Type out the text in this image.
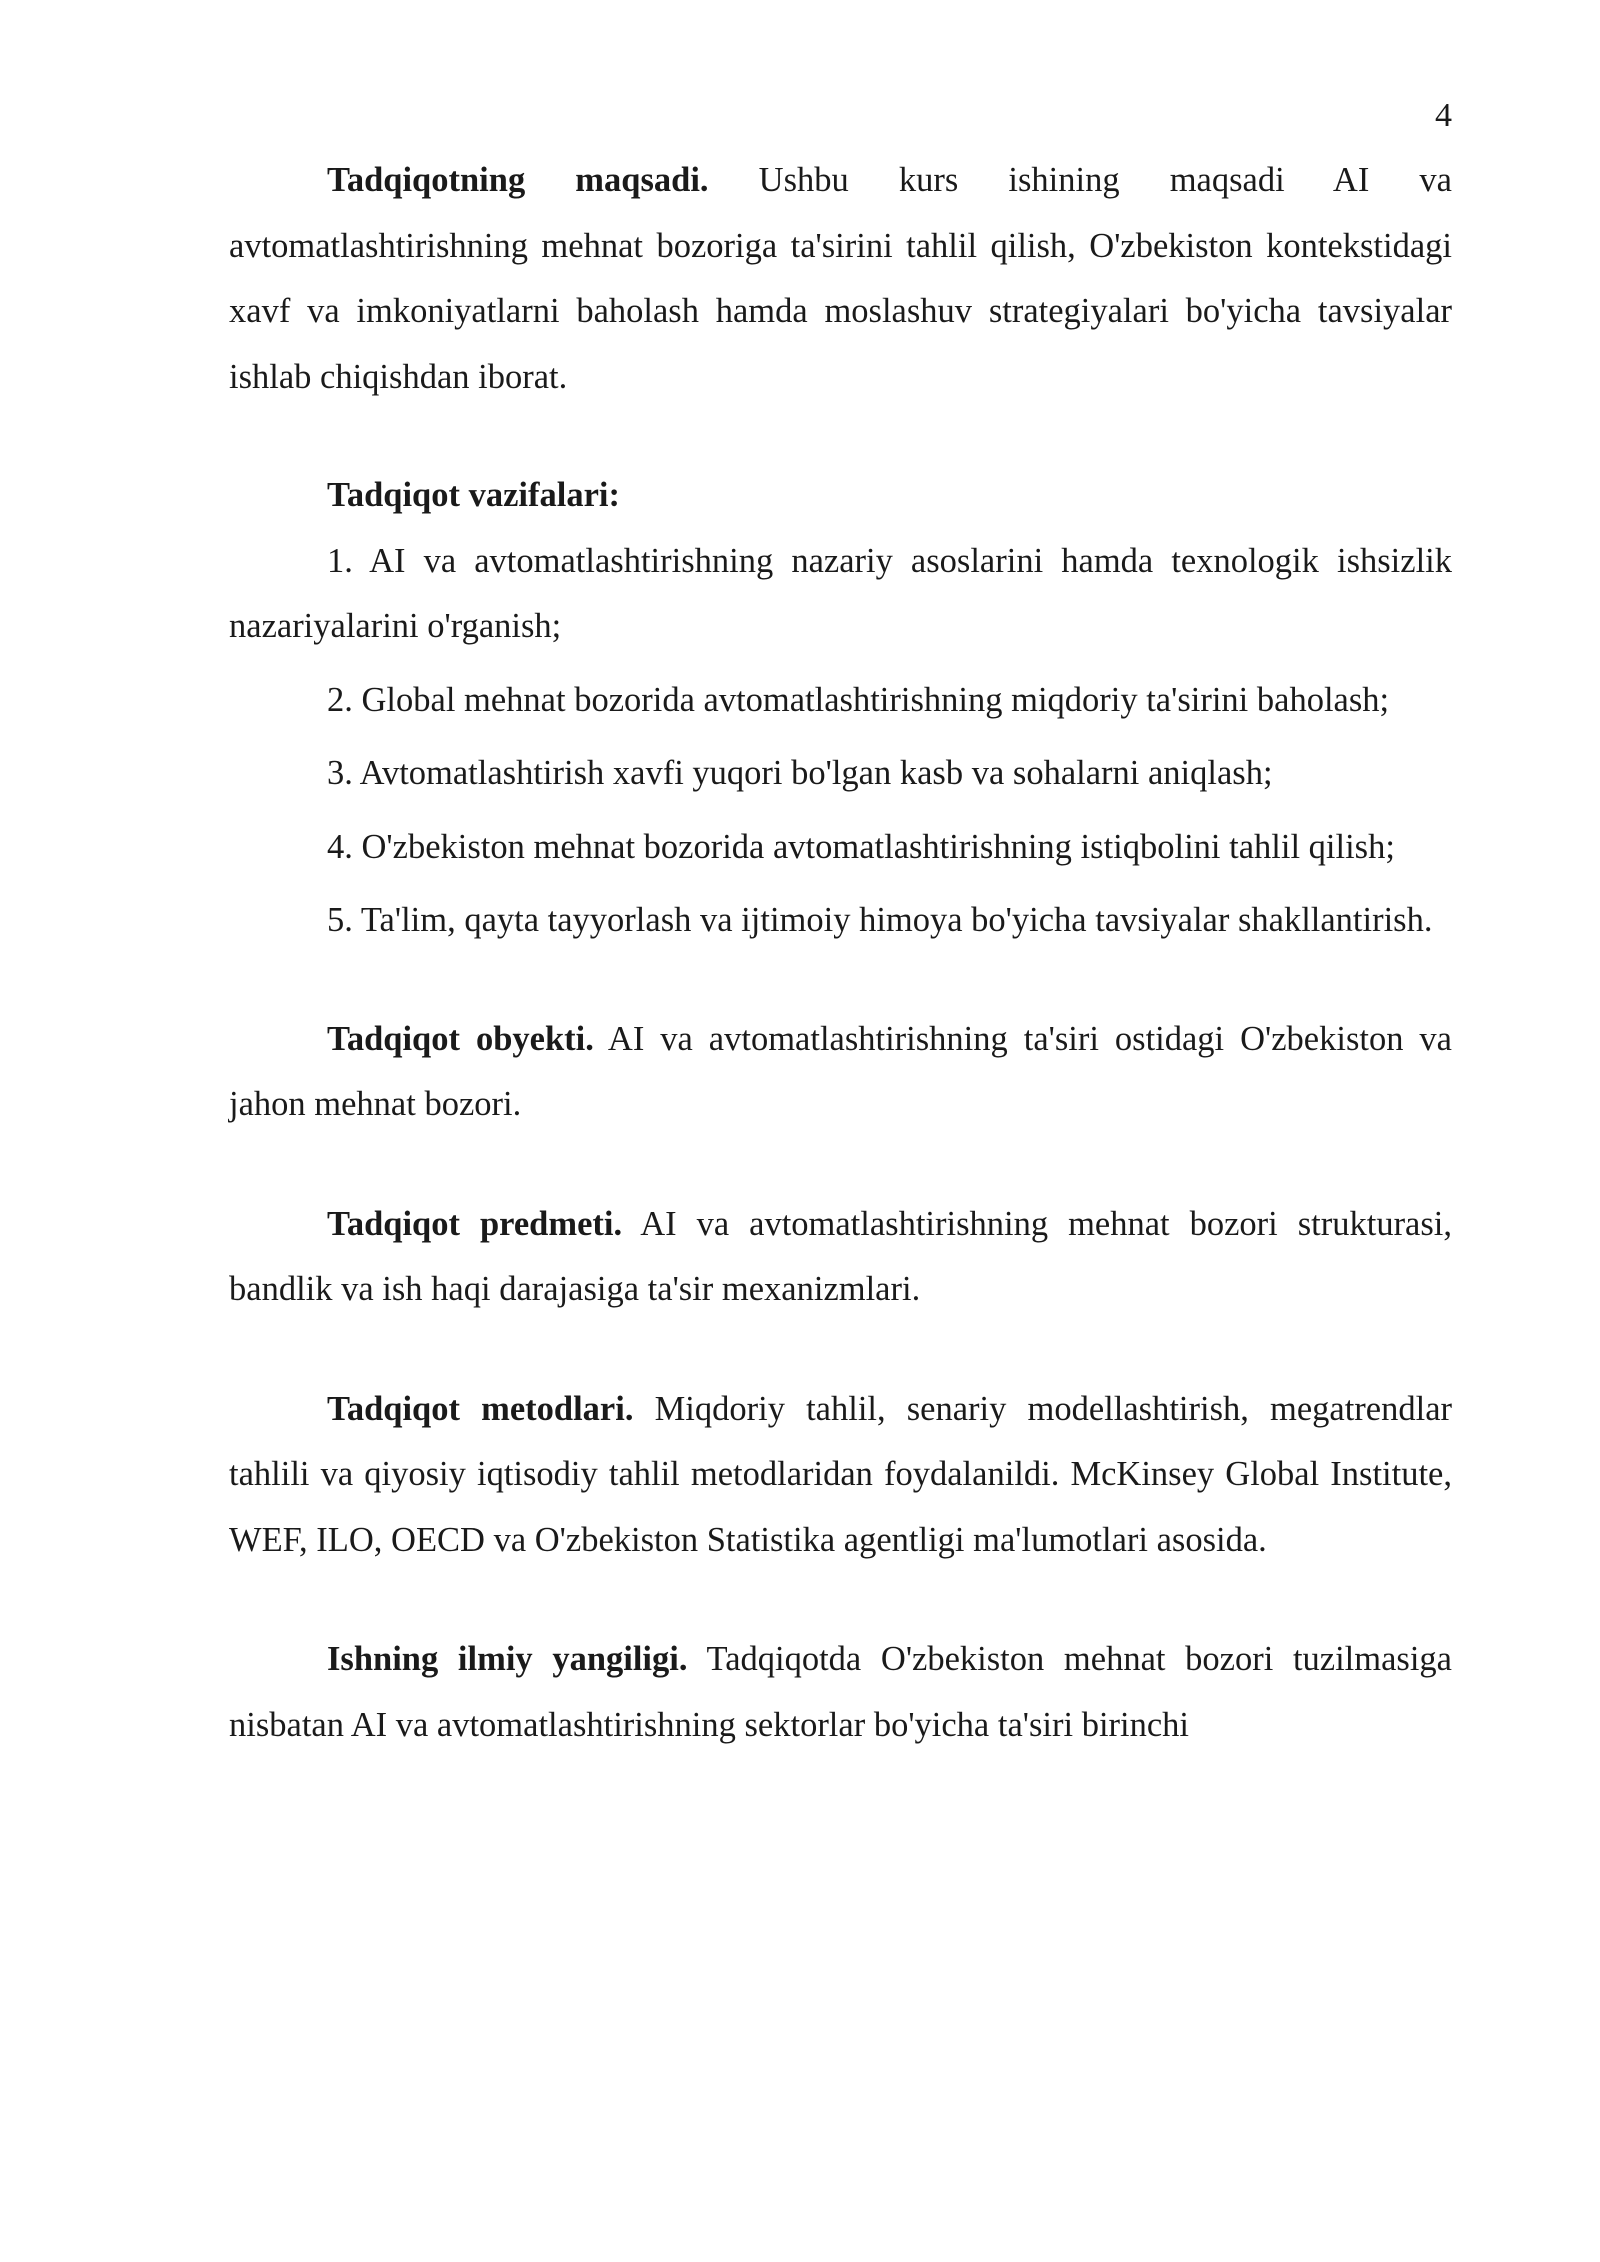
4

Tadqiqotning maqsadi. Ushbu kurs ishining maqsadi AI va avtomatlashtirishning mehnat bozoriga ta'sirini tahlil qilish, O'zbekiston kontekstidagi xavf va imkoniyatlarni baholash hamda moslashuv strategiyalari bo'yicha tavsiyalar ishlab chiqishdan iborat.

Tadqiqot vazifalari:

1. AI va avtomatlashtirishning nazariy asoslarini hamda texnologik ishsizlik nazariyalarini o'rganish;

2. Global mehnat bozorida avtomatlashtirishning miqdoriy ta'sirini baholash;

3. Avtomatlashtirish xavfi yuqori bo'lgan kasb va sohalarni aniqlash;

4. O'zbekiston mehnat bozorida avtomatlashtirishning istiqbolini tahlil qilish;

5. Ta'lim, qayta tayyorlash va ijtimoiy himoya bo'yicha tavsiyalar shakllantirish.

Tadqiqot obyekti. AI va avtomatlashtirishning ta'siri ostidagi O'zbekiston va jahon mehnat bozori.

Tadqiqot predmeti. AI va avtomatlashtirishning mehnat bozori strukturasi, bandlik va ish haqi darajasiga ta'sir mexanizmlari.

Tadqiqot metodlari. Miqdoriy tahlil, senariy modellashtirish, megatrendlar tahlili va qiyosiy iqtisodiy tahlil metodlaridan foydalanildi. McKinsey Global Institute, WEF, ILO, OECD va O'zbekiston Statistika agentligi ma'lumotlari asosida.

Ishning ilmiy yangiligi. Tadqiqotda O'zbekiston mehnat bozori tuzilmasiga nisbatan AI va avtomatlashtirishning sektorlar bo'yicha ta'siri birinchi
